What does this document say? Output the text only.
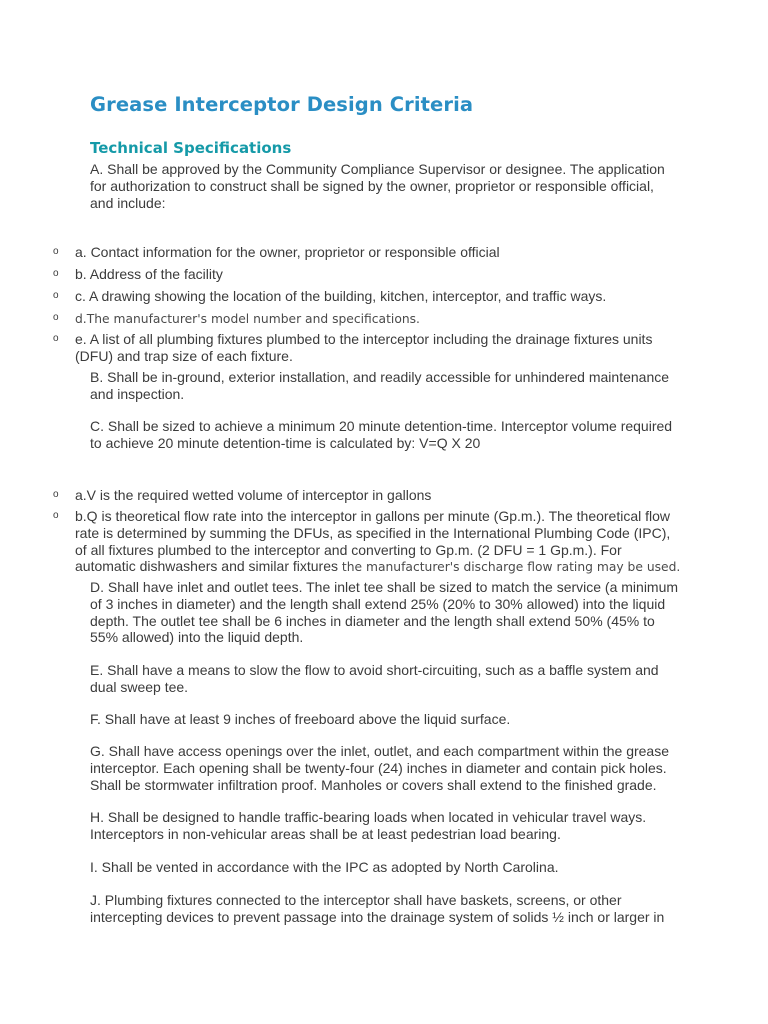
Grease Interceptor Design Criteria
Technical Specifications

A. Shall be approved by the Community Compliance Supervisor or designee. The application for authorization to construct shall be signed by the owner, proprietor or responsible official, and include:

o a. Contact information for the owner, proprietor or responsible official

o b. Address of the facility

o c. A drawing showing the location of the building, kitchen, interceptor, and traffic ways.

o d.The manufacturer's model number and specifications.

o e. A list of all plumbing fixtures plumbed to the interceptor including the drainage fixtures units (DFU) and trap size of each fixture.

B. Shall be in-ground, exterior installation, and readily accessible for unhindered maintenance and inspection.

C. Shall be sized to achieve a minimum 20 minute detention-time. Interceptor volume required to achieve 20 minute detention-time is calculated by: V=Q X 20

o a.V is the required wetted volume of interceptor in gallons

o b.Q is theoretical flow rate into the interceptor in gallons per minute (Gp.m.). The theoretical flow rate is determined by summing the DFUs, as specified in the International Plumbing Code (IPC), of all fixtures plumbed to the interceptor and converting to Gp.m. (2 DFU = 1 Gp.m.). For automatic dishwashers and similar fixtures the manufacturer's discharge flow rating may be used.

D. Shall have inlet and outlet tees. The inlet tee shall be sized to match the service (a minimum of 3 inches in diameter) and the length shall extend 25% (20% to 30% allowed) into the liquid depth. The outlet tee shall be 6 inches in diameter and the length shall extend 50% (45% to 55% allowed) into the liquid depth.

E. Shall have a means to slow the flow to avoid short-circuiting, such as a baffle system and dual sweep tee.

F. Shall have at least 9 inches of freeboard above the liquid surface.

G. Shall have access openings over the inlet, outlet, and each compartment within the grease interceptor. Each opening shall be twenty-four (24) inches in diameter and contain pick holes. Shall be stormwater infiltration proof. Manholes or covers shall extend to the finished grade.

H. Shall be designed to handle traffic-bearing loads when located in vehicular travel ways. Interceptors in non-vehicular areas shall be at least pedestrian load bearing.

I. Shall be vented in accordance with the IPC as adopted by North Carolina.

J. Plumbing fixtures connected to the interceptor shall have baskets, screens, or other intercepting devices to prevent passage into the drainage system of solids ½ inch or larger in
